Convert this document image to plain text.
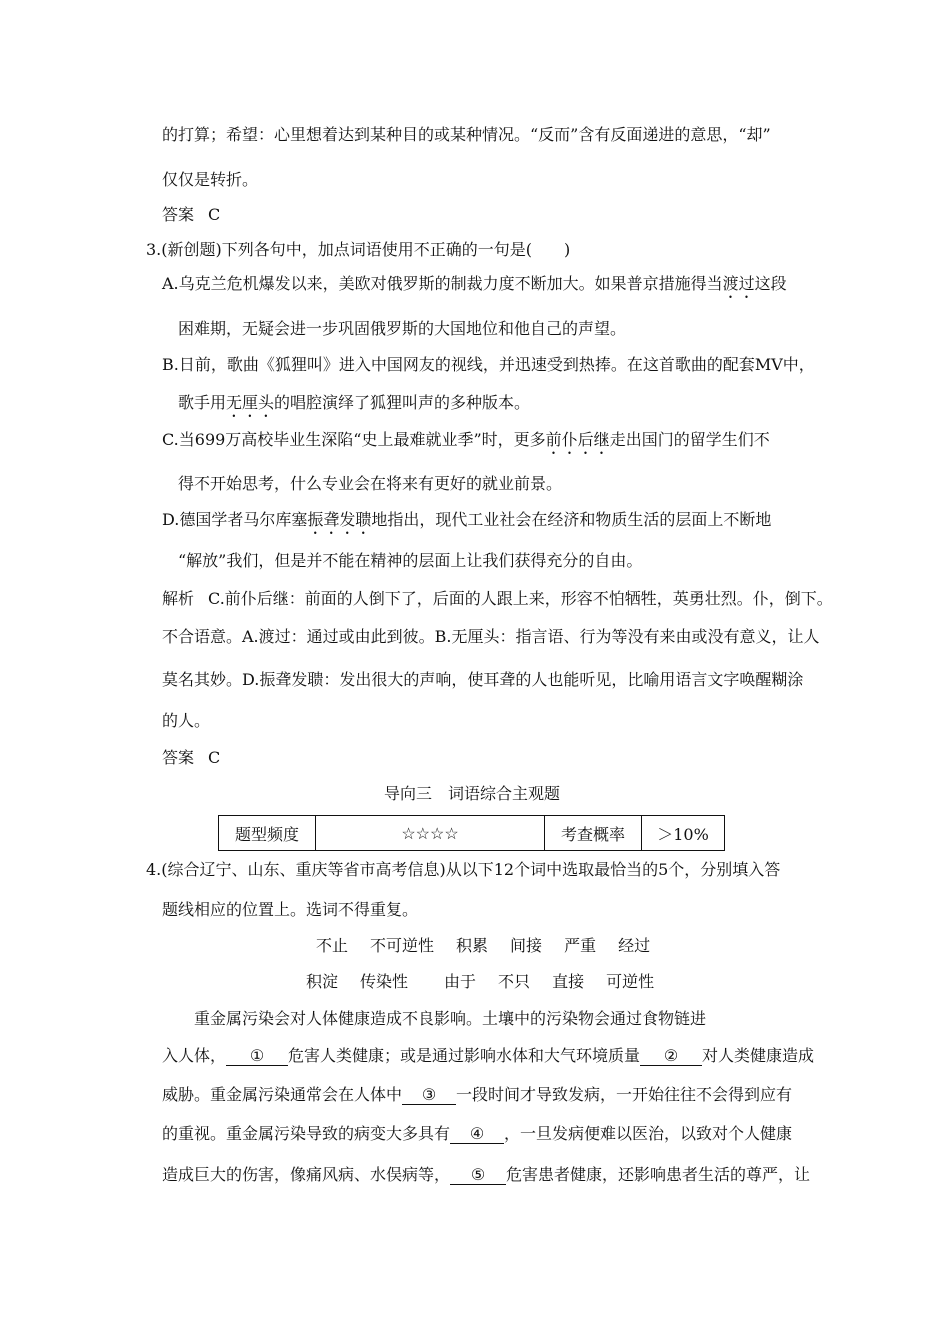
的打算；希望：心里想着达到某种目的或某种情况。“反而”含有反面递进的意思，“却”
仅仅是转折。
答案 C
3.(新创题)下列各句中，加点词语使用不正确的一句是(　　)
A.乌克兰危机爆发以来，美欧对俄罗斯的制裁力度不断加大。如果普京措施得当渡过这段
困难期，无疑会进一步巩固俄罗斯的大国地位和他自己的声望。
B.日前，歌曲《狐狸叫》进入中国网友的视线，并迅速受到热捧。在这首歌曲的配套MV中，
歌手用无厘头的唱腔演绎了狐狸叫声的多种版本。
C.当699万高校毕业生深陷“史上最难就业季”时，更多前仆后继走出国门的留学生们不
得不开始思考，什么专业会在将来有更好的就业前景。
D.德国学者马尔库塞振聋发聩地指出，现代工业社会在经济和物质生活的层面上不断地
“解放”我们，但是并不能在精神的层面上让我们获得充分的自由。
解析 C.前仆后继：前面的人倒下了，后面的人跟上来，形容不怕牺牲，英勇壮烈。仆，倒下。
不合语意。A.渡过：通过或由此到彼。B.无厘头：指言语、行为等没有来由或没有意义，让人
莫名其妙。D.振聋发聩：发出很大的声响，使耳聋的人也能听见，比喻用语言文字唤醒糊涂
的人。
答案 C
导向三　词语综合主观题
题型频度	☆☆☆☆	考查概率	＞10%
4.(综合辽宁、山东、重庆等省市高考信息)从以下12个词中选取最恰当的5个，分别填入答
题线相应的位置上。选词不得重复。
不止 不可逆性 积累 间接 严重 经过
积淀 传染性 由于 不只 直接 可逆性
重金属污染会对人体健康造成不良影响。土壤中的污染物会通过食物链进
入人体， ① 危害人类健康；或是通过影响水体和大气环境质量 ② 对人类健康造成
威胁。重金属污染通常会在人体中 ③ 一段时间才导致发病，一开始往往不会得到应有
的重视。重金属污染导致的病变大多具有 ④ ，一旦发病便难以医治，以致对个人健康
造成巨大的伤害，像痛风病、水俣病等， ⑤ 危害患者健康，还影响患者生活的尊严，让
